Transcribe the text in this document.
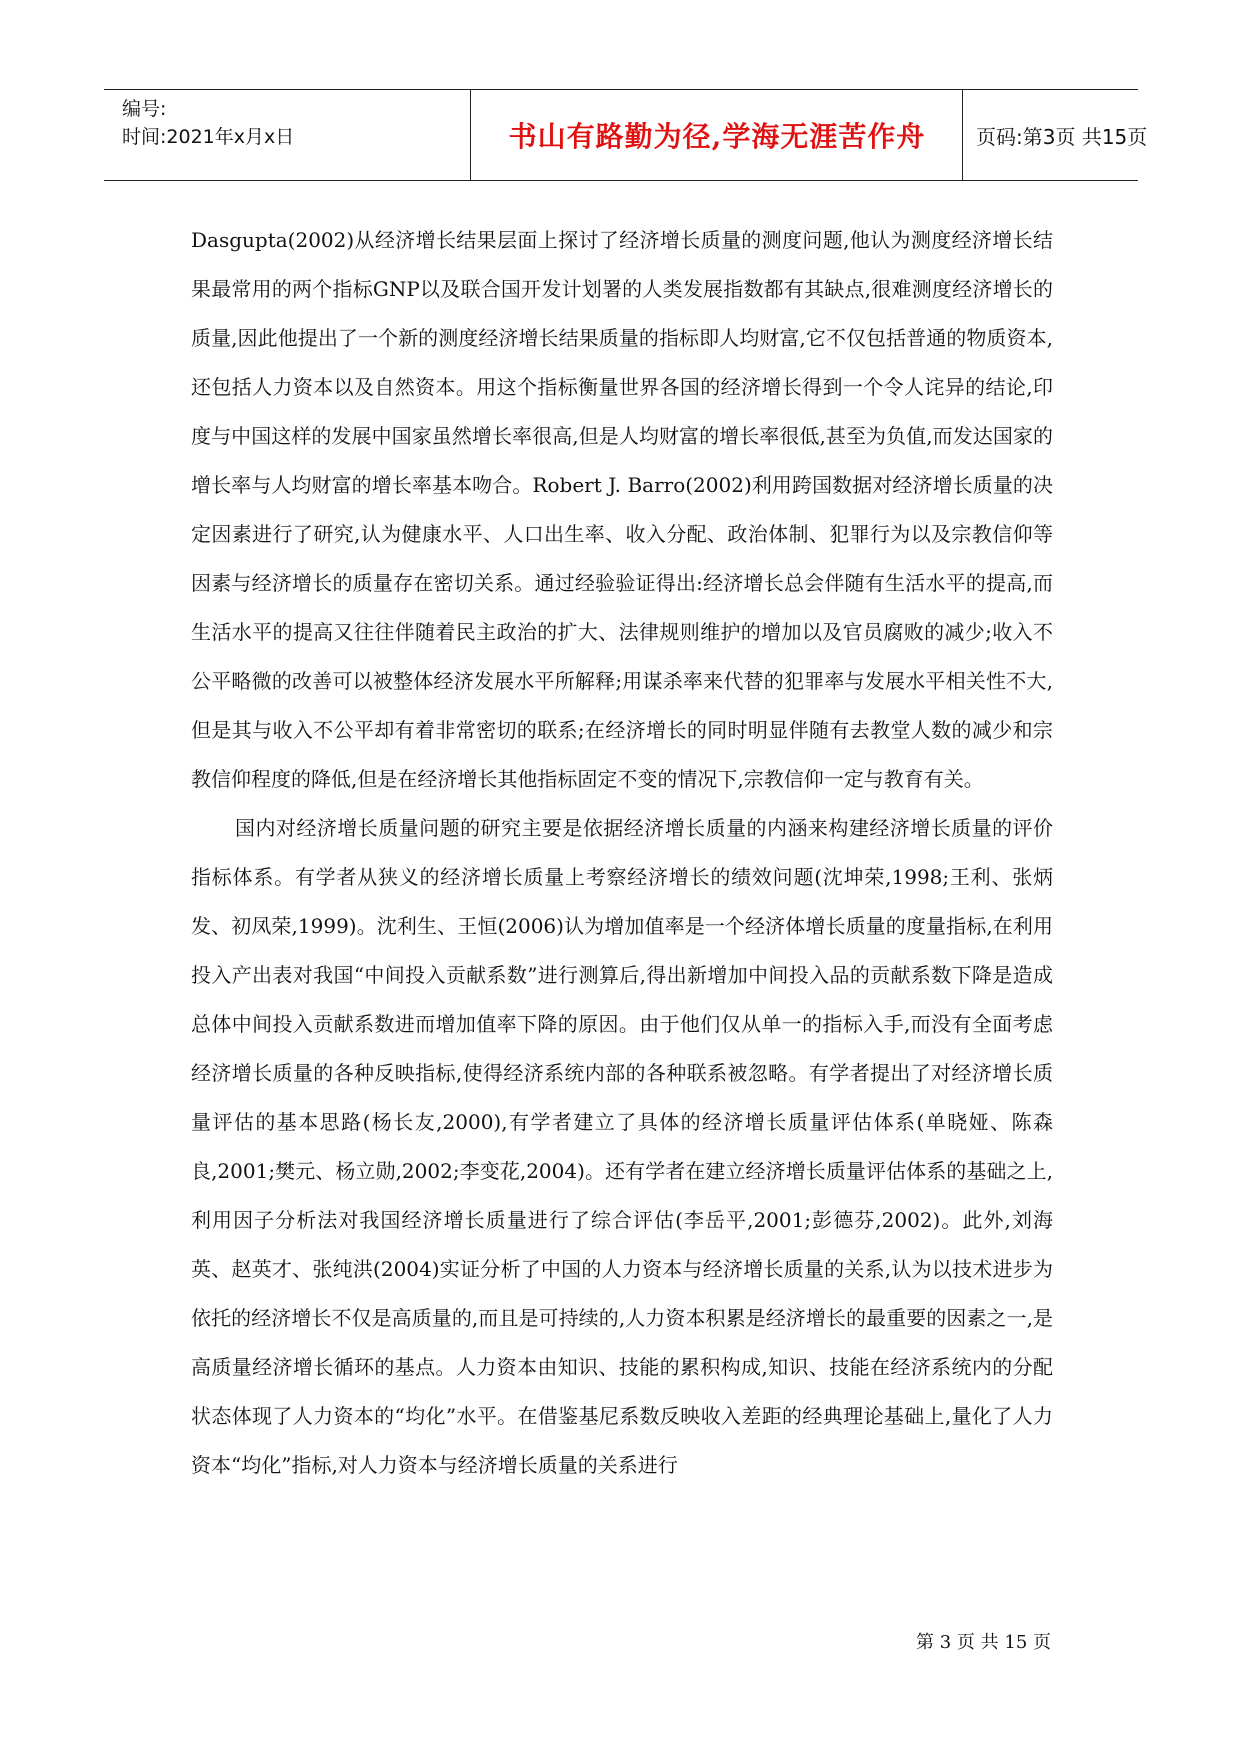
编号:
时间:2021年x月x日	书山有路勤为径,学海无涯苦作舟	页码:第3页 共15页

Dasgupta(2002)从经济增长结果层面上探讨了经济增长质量的测度问题,他认为测度经济增长结果最常用的两个指标GNP以及联合国开发计划署的人类发展指数都有其缺点,很难测度经济增长的质量,因此他提出了一个新的测度经济增长结果质量的指标即人均财富,它不仅包括普通的物质资本,还包括人力资本以及自然资本。用这个指标衡量世界各国的经济增长得到一个令人诧异的结论,印度与中国这样的发展中国家虽然增长率很高,但是人均财富的增长率很低,甚至为负值,而发达国家的增长率与人均财富的增长率基本吻合。Robert J. Barro(2002)利用跨国数据对经济增长质量的决定因素进行了研究,认为健康水平、人口出生率、收入分配、政治体制、犯罪行为以及宗教信仰等因素与经济增长的质量存在密切关系。通过经验验证得出:经济增长总会伴随有生活水平的提高,而生活水平的提高又往往伴随着民主政治的扩大、法律规则维护的增加以及官员腐败的减少;收入不公平略微的改善可以被整体经济发展水平所解释;用谋杀率来代替的犯罪率与发展水平相关性不大,但是其与收入不公平却有着非常密切的联系;在经济增长的同时明显伴随有去教堂人数的减少和宗教信仰程度的降低,但是在经济增长其他指标固定不变的情况下,宗教信仰一定与教育有关。

国内对经济增长质量问题的研究主要是依据经济增长质量的内涵来构建经济增长质量的评价指标体系。有学者从狭义的经济增长质量上考察经济增长的绩效问题(沈坤荣,1998;王利、张炳发、初凤荣,1999)。沈利生、王恒(2006)认为增加值率是一个经济体增长质量的度量指标,在利用投入产出表对我国“中间投入贡献系数”进行测算后,得出新增加中间投入品的贡献系数下降是造成总体中间投入贡献系数进而增加值率下降的原因。由于他们仅从单一的指标入手,而没有全面考虑经济增长质量的各种反映指标,使得经济系统内部的各种联系被忽略。有学者提出了对经济增长质量评估的基本思路(杨长友,2000),有学者建立了具体的经济增长质量评估体系(单晓娅、陈森良,2001;樊元、杨立勋,2002;李变花,2004)。还有学者在建立经济增长质量评估体系的基础之上,利用因子分析法对我国经济增长质量进行了综合评估(李岳平,2001;彭德芬,2002)。此外,刘海英、赵英才、张纯洪(2004)实证分析了中国的人力资本与经济增长质量的关系,认为以技术进步为依托的经济增长不仅是高质量的,而且是可持续的,人力资本积累是经济增长的最重要的因素之一,是高质量经济增长循环的基点。人力资本由知识、技能的累积构成,知识、技能在经济系统内的分配状态体现了人力资本的“均化”水平。在借鉴基尼系数反映收入差距的经典理论基础上,量化了人力资本“均化”指标,对人力资本与经济增长质量的关系进行

第 3 页 共 15 页
